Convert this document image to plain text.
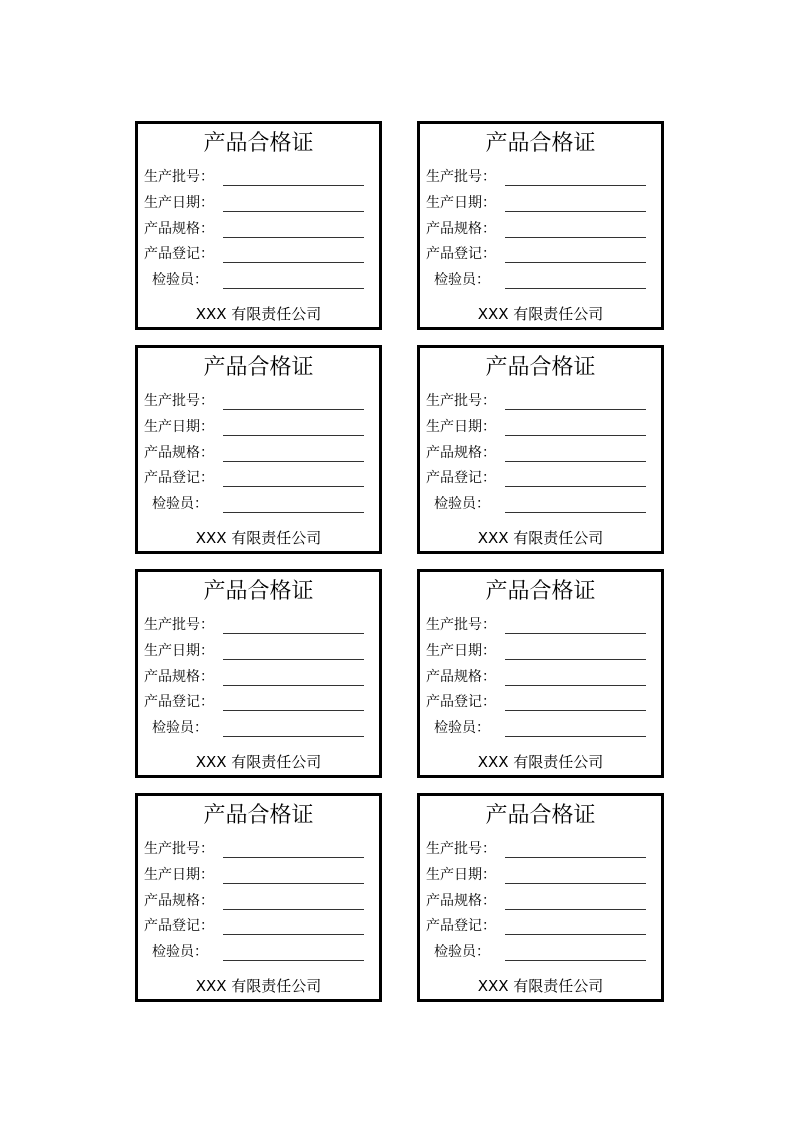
产品合格证
生产批号：
生产日期：
产品规格：
产品登记：
检验员：
XXX 有限责任公司
产品合格证
生产批号：
生产日期：
产品规格：
产品登记：
检验员：
XXX 有限责任公司
产品合格证
生产批号：
生产日期：
产品规格：
产品登记：
检验员：
XXX 有限责任公司
产品合格证
生产批号：
生产日期：
产品规格：
产品登记：
检验员：
XXX 有限责任公司
产品合格证
生产批号：
生产日期：
产品规格：
产品登记：
检验员：
XXX 有限责任公司
产品合格证
生产批号：
生产日期：
产品规格：
产品登记：
检验员：
XXX 有限责任公司
产品合格证
生产批号：
生产日期：
产品规格：
产品登记：
检验员：
XXX 有限责任公司
产品合格证
生产批号：
生产日期：
产品规格：
产品登记：
检验员：
XXX 有限责任公司
